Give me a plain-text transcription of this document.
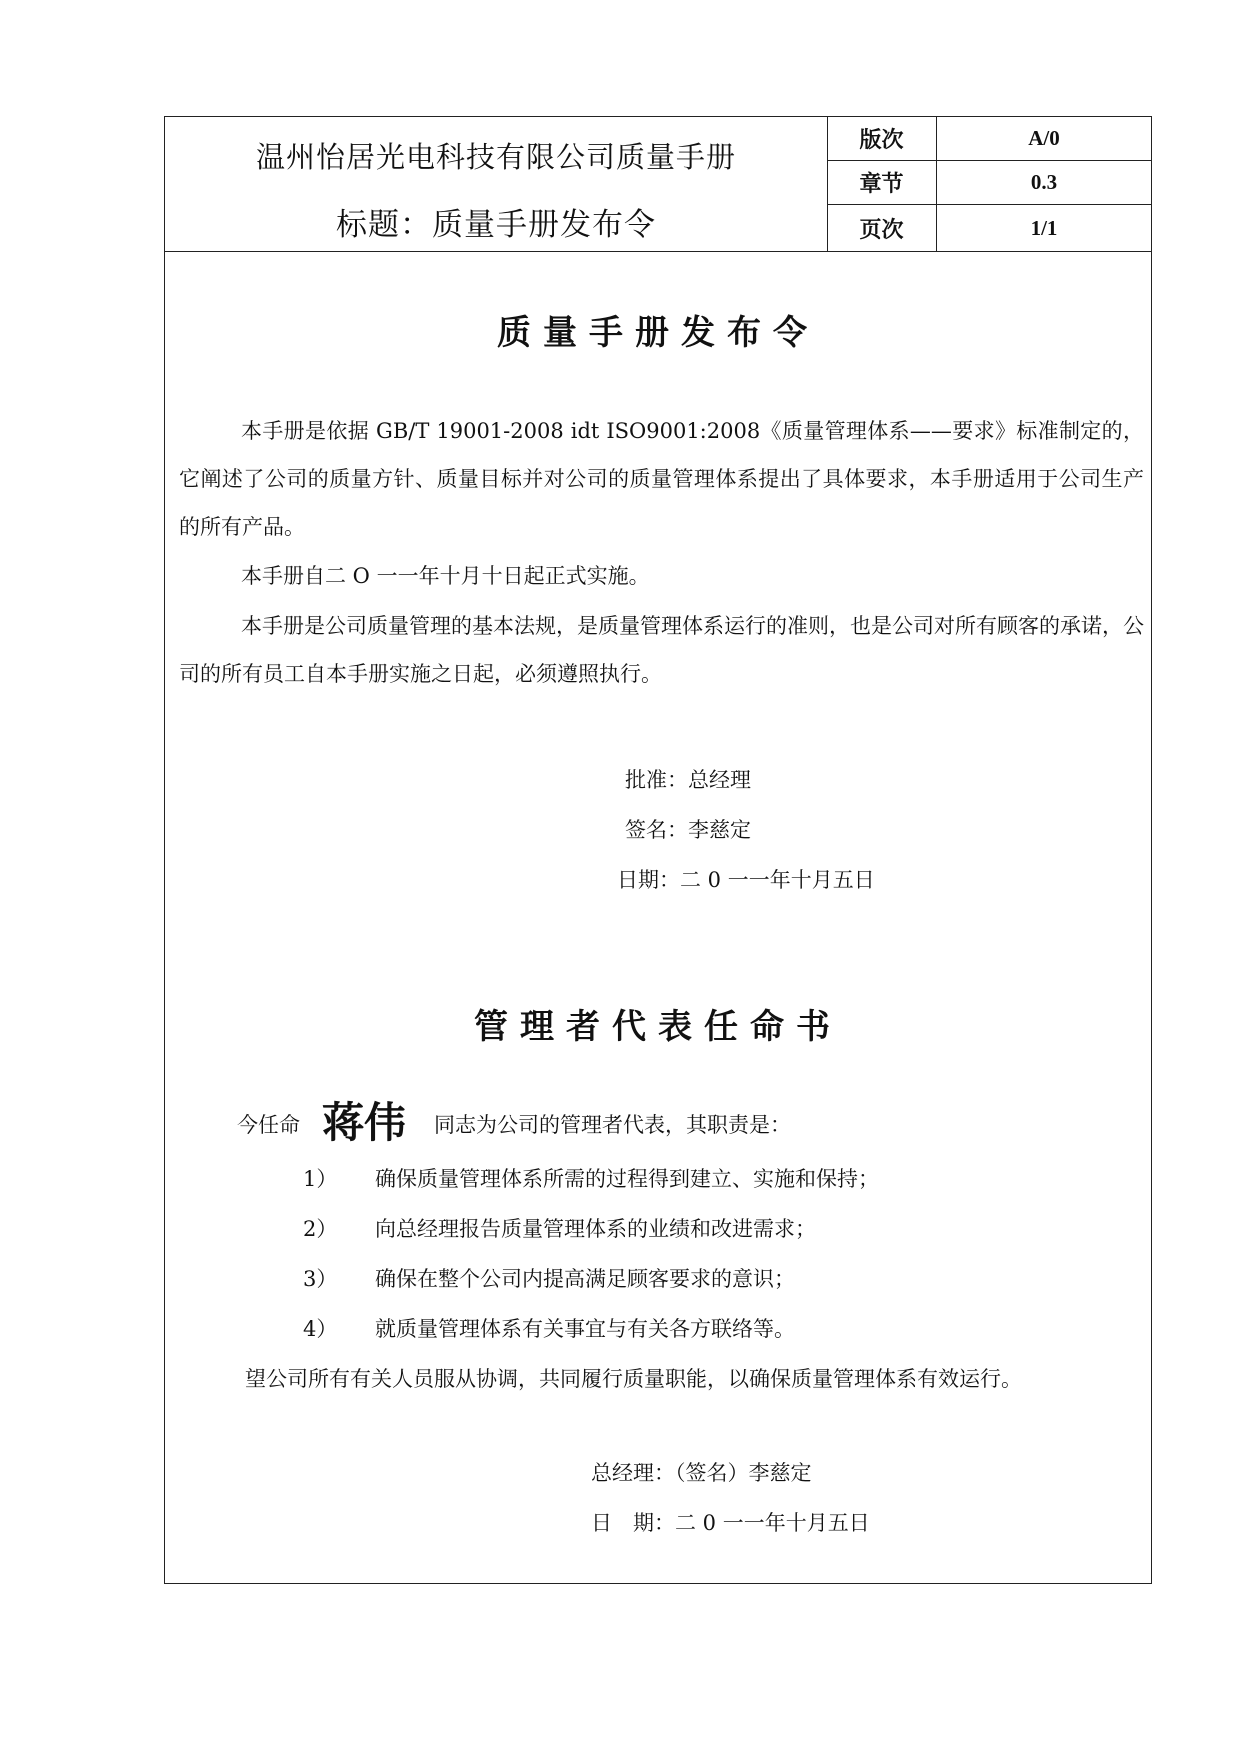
温州怡居光电科技有限公司质量手册
标题：质量手册发布令
版次	A/0
章节	0.3
页次	1/1
质量手册发布令
本手册是依据 GB/T 19001-2008 idt ISO9001:2008《质量管理体系——要求》标准制定的，它阐述了公司的质量方针、质量目标并对公司的质量管理体系提出了具体要求，本手册适用于公司生产的所有产品。
本手册自二 O 一一年十月十日起正式实施。
本手册是公司质量管理的基本法规，是质量管理体系运行的准则，也是公司对所有顾客的承诺，公司的所有员工自本手册实施之日起，必须遵照执行。
批准：总经理
签名：李慈定
日期：二 0 一一年十月五日
管理者代表任命书
今任命 蒋伟 同志为公司的管理者代表，其职责是：
1） 确保质量管理体系所需的过程得到建立、实施和保持；
2） 向总经理报告质量管理体系的业绩和改进需求；
3） 确保在整个公司内提高满足顾客要求的意识；
4） 就质量管理体系有关事宜与有关各方联络等。
望公司所有有关人员服从协调，共同履行质量职能，以确保质量管理体系有效运行。
总经理：（签名）李慈定
日　期：二 0 一一年十月五日
